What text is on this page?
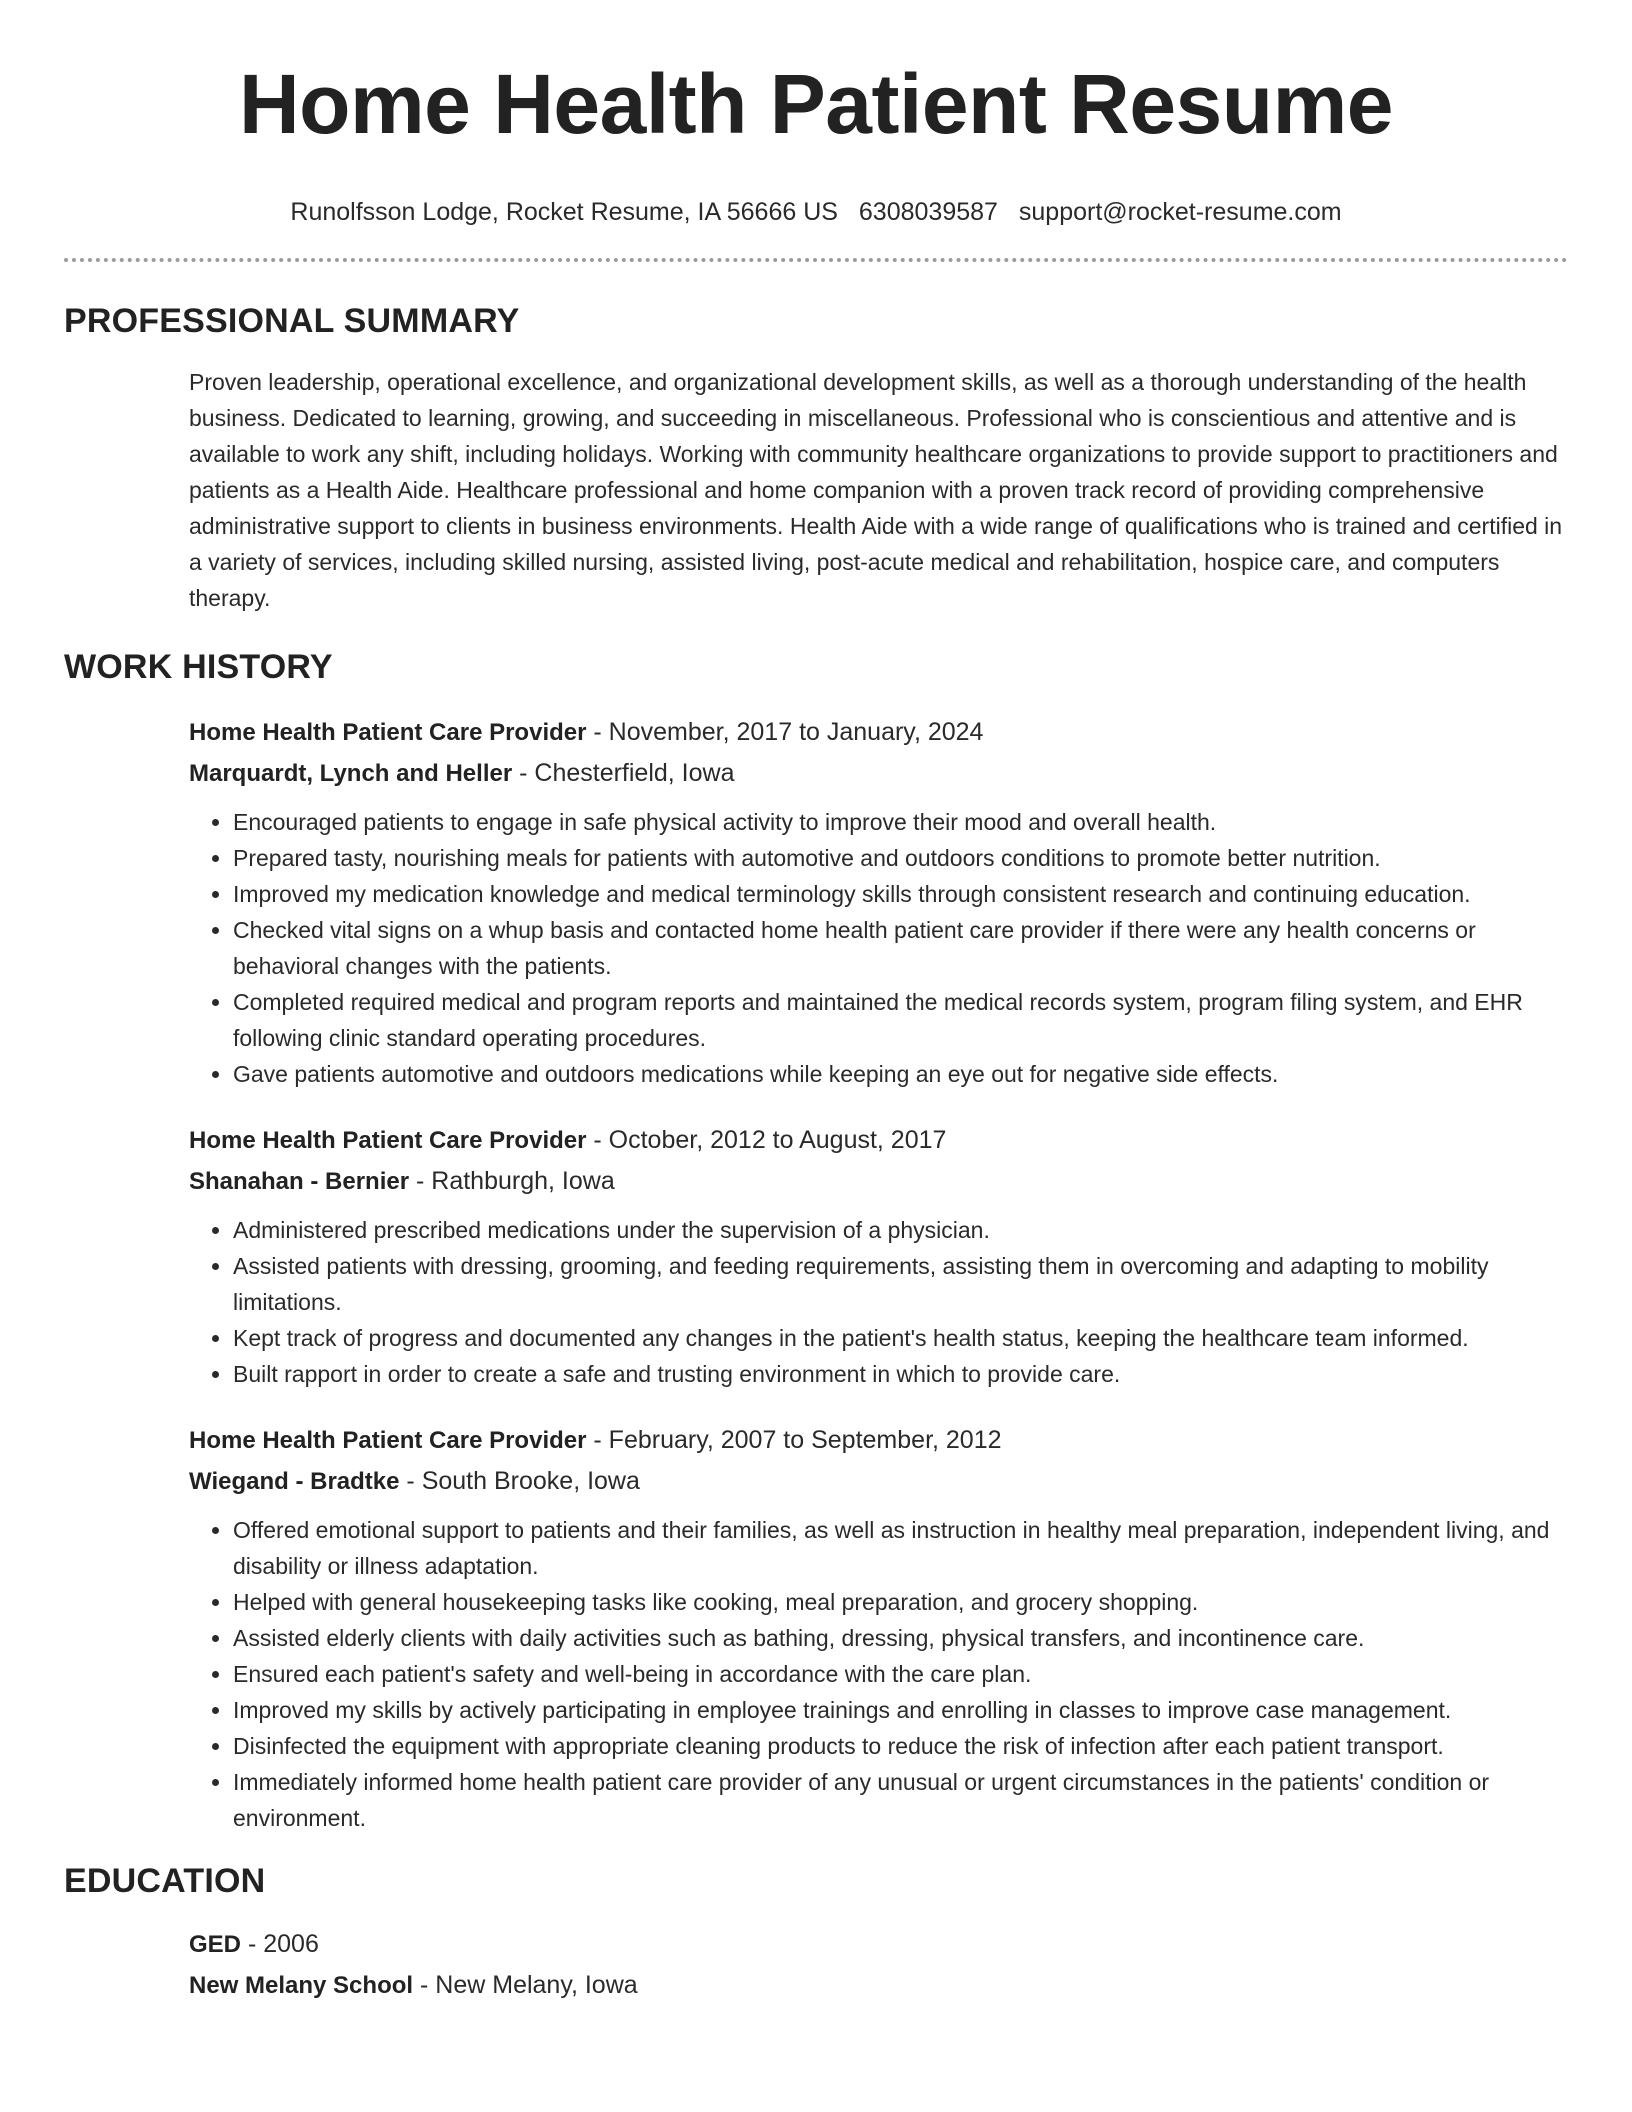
Home Health Patient Resume
Runolfsson Lodge, Rocket Resume, IA 56666 US 6308039587 support@rocket-resume.com
PROFESSIONAL SUMMARY

Proven leadership, operational excellence, and organizational development skills, as well as a thorough understanding of the health business. Dedicated to learning, growing, and succeeding in miscellaneous. Professional who is conscientious and attentive and is available to work any shift, including holidays. Working with community healthcare organizations to provide support to practitioners and patients as a Health Aide. Healthcare professional and home companion with a proven track record of providing comprehensive administrative support to clients in business environments. Health Aide with a wide range of qualifications who is trained and certified in a variety of services, including skilled nursing, assisted living, post-acute medical and rehabilitation, hospice care, and computers therapy.

WORK HISTORY
Home Health Patient Care Provider - November, 2017 to January, 2024
Marquardt, Lynch and Heller - Chesterfield, Iowa
• Encouraged patients to engage in safe physical activity to improve their mood and overall health.
• Prepared tasty, nourishing meals for patients with automotive and outdoors conditions to promote better nutrition.
• Improved my medication knowledge and medical terminology skills through consistent research and continuing education.
• Checked vital signs on a whup basis and contacted home health patient care provider if there were any health concerns or behavioral changes with the patients.
• Completed required medical and program reports and maintained the medical records system, program filing system, and EHR following clinic standard operating procedures.
• Gave patients automotive and outdoors medications while keeping an eye out for negative side effects.
Home Health Patient Care Provider - October, 2012 to August, 2017
Shanahan - Bernier - Rathburgh, Iowa
• Administered prescribed medications under the supervision of a physician.
• Assisted patients with dressing, grooming, and feeding requirements, assisting them in overcoming and adapting to mobility limitations.
• Kept track of progress and documented any changes in the patient's health status, keeping the healthcare team informed.
• Built rapport in order to create a safe and trusting environment in which to provide care.
Home Health Patient Care Provider - February, 2007 to September, 2012
Wiegand - Bradtke - South Brooke, Iowa
• Offered emotional support to patients and their families, as well as instruction in healthy meal preparation, independent living, and disability or illness adaptation.
• Helped with general housekeeping tasks like cooking, meal preparation, and grocery shopping.
• Assisted elderly clients with daily activities such as bathing, dressing, physical transfers, and incontinence care.
• Ensured each patient's safety and well-being in accordance with the care plan.
• Improved my skills by actively participating in employee trainings and enrolling in classes to improve case management.
• Disinfected the equipment with appropriate cleaning products to reduce the risk of infection after each patient transport.
• Immediately informed home health patient care provider of any unusual or urgent circumstances in the patients' condition or environment.
EDUCATION
GED - 2006
New Melany School - New Melany, Iowa
